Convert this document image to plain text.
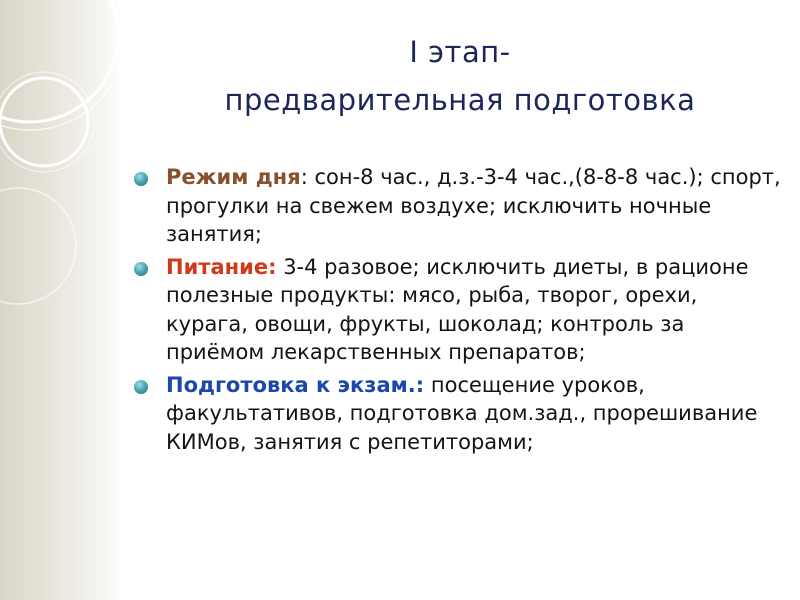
I этап-
предварительная подготовка
Режим дня: сон-8 час., д.з.-3-4 час.,(8-8-8 час.); спорт, прогулки на свежем воздухе; исключить ночные занятия;
Питание: 3-4 разовое; исключить диеты, в рационе полезные продукты: мясо, рыба, творог, орехи, курага, овощи, фрукты, шоколад; контроль за приёмом лекарственных препаратов;
Подготовка к экзам.: посещение уроков, факультативов, подготовка дом.зад., прорешивание КИМов, занятия с репетиторами;
